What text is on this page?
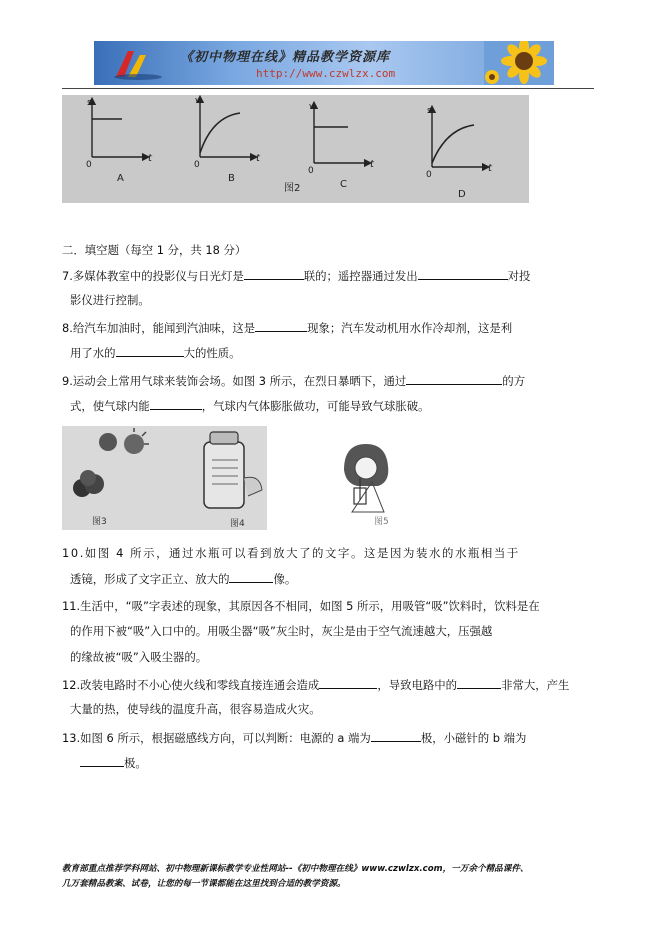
《初中物理在线》精品教学资源库
http://www.czwlzx.com
0
s
t
A
0
v
t
B
0
v
t
图2	C
0
s
t
D
二．填空题（每空 1 分，共 18 分）
7.多媒体教室中的投影仪与日光灯是	联的；遥控器通过发出	对投
影仪进行控制。
8.给汽车加油时，能闻到汽油味，这是	现象；汽车发动机用水作冷却剂，这是利
用了水的	大的性质。
9.运动会上常用气球来装饰会场。如图 3 所示，在烈日暴晒下，通过	的方
式，使气球内能	，气球内气体膨胀做功，可能导致气球胀破。
图3	图4	图5
10.如图 4 所示，通过水瓶可以看到放大了的文字。这是因为装水的水瓶相当于
透镜，形成了文字正立、放大的	像。
11.生活中，“吸”字表述的现象，其原因各不相同，如图 5 所示，用吸管“吸”饮料时，饮料是在
的作用下被“吸”入口中的。用吸尘器“吸”灰尘时，灰尘是由于空气流速越大，压强越
的缘故被“吸”入吸尘器的。
12.改装电路时不小心使火线和零线直接连通会造成	，导致电路中的	非常大，产生
大量的热，使导线的温度升高，很容易造成火灾。
13.如图 6 所示，根据磁感线方向，可以判断：电源的 a 端为	极，小磁针的 b 端为
极。
教育部重点推荐学科网站、初中物理新课标教学专业性网站--《初中物理在线》www.czwlzx.com，一万余个精品课件、
几万套精品教案、试卷，让您的每一节课都能在这里找到合适的教学资源。
